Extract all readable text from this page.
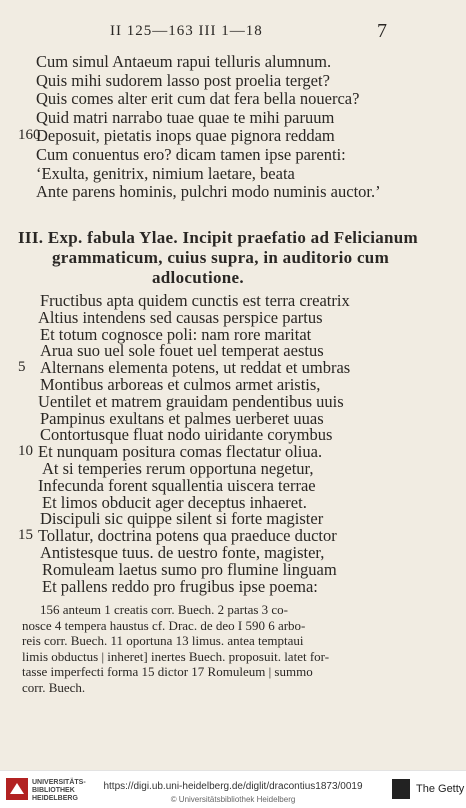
II 125—163 III 1—18	7
Cum simul Antaeum rapui telluris alumnum.
Quis mihi sudorem lasso post proelia terget?
Quis comes alter erit cum dat fera bella nouerca?
Quid matri narrabo tuae quae te mihi paruum
160
Deposuit, pietatis inops quae pignora reddam
Cum conuentus ero? dicam tamen ipse parenti:
‘Exulta, genitrix, nimium laetare, beata
Ante parens hominis, pulchri modo numinis auctor.’
III. Exp. fabula Ylae. Incipit praefatio ad Felicianum
grammaticum, cuius supra, in auditorio cum
adlocutione.
Fructibus apta quidem cunctis est terra creatrix
Altius intendens sed causas perspice partus
Et totum cognosce poli: nam rore maritat
Arua suo uel sole fouet uel temperat aestus
5 Alternans elementa potens, ut reddat et umbras
Montibus arboreas et culmos armet aristis,
Uentilet et matrem grauidam pendentibus uuis
Pampinus exultans et palmes uerberet uuas
Contortusque fluat nodo uiridante corymbus
10 Et nunquam positura comas flectatur oliua.
At si temperies rerum opportuna negetur,
Infecunda forent squallentia uiscera terrae
Et limos obducit ager deceptus inhaeret.
Discipuli sic quippe silent si forte magister
15 Tollatur, doctrina potens qua praeduce ductor
Antistesque tuus. de uestro fonte, magister,
Romuleam laetus sumo pro flumine linguam
Et pallens reddo pro frugibus ipse poema:
156 anteum 1 creatis corr. Buech. 2 partas 3 co-
nosce 4 tempera haustus cf. Drac. de deo I 590 6 arbo-
reis corr. Buech. 11 oportuna 13 limus. antea temptaui
limis obductus | inheret] inertes Buech. proposuit. latet for-
tasse imperfecti forma 15 dictor 17 Romuleum | summo
corr. Buech.
UNIVERSITÄTS-
BIBLIOTHEK
HEIDELBERG
https://digi.ub.uni-heidelberg.de/diglit/dracontius1873/0019
© Universitätsbibliothek Heidelberg
The Getty
